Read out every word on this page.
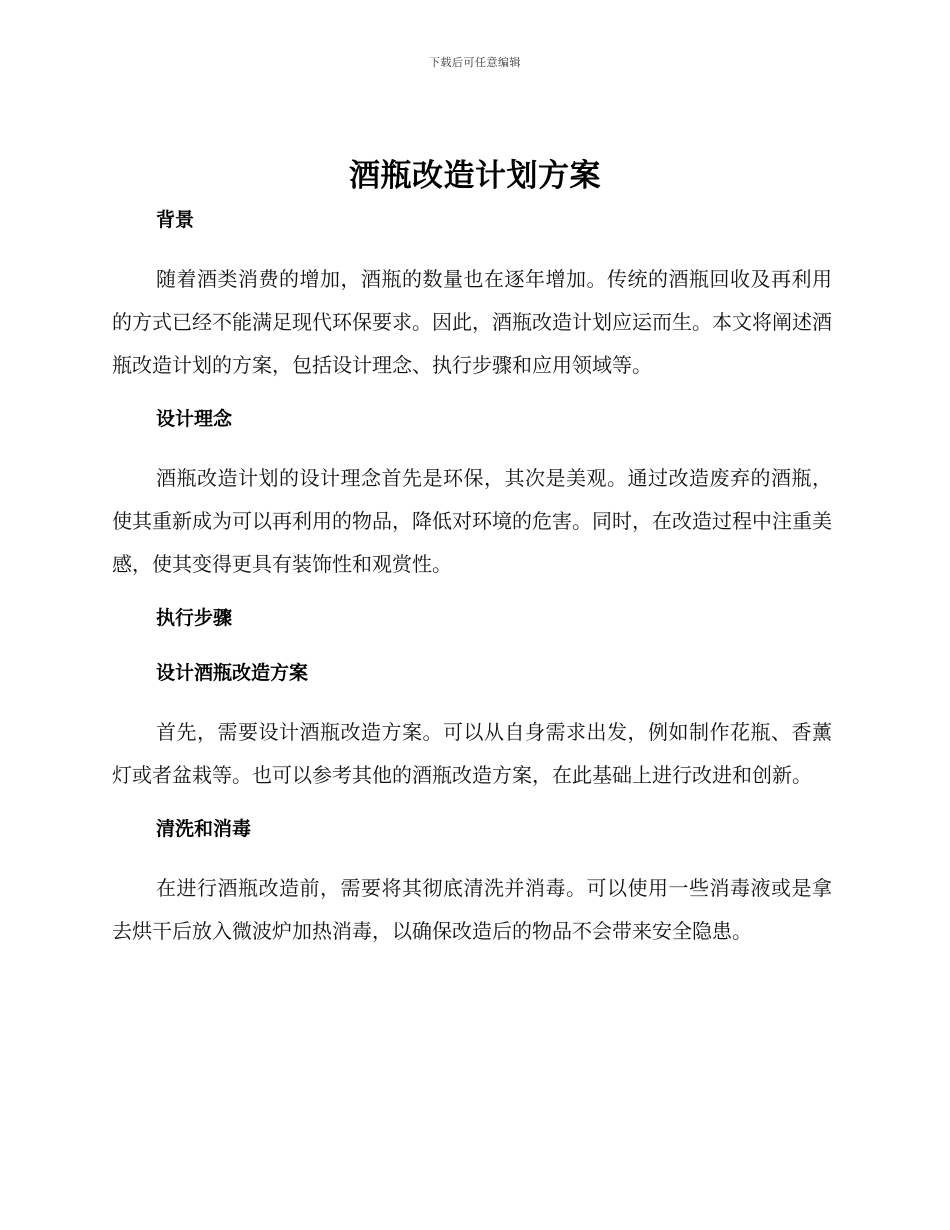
下载后可任意编辑
酒瓶改造计划方案
背景

随着酒类消费的增加，酒瓶的数量也在逐年增加。传统的酒瓶回收及再利用的方式已经不能满足现代环保要求。因此，酒瓶改造计划应运而生。本文将阐述酒瓶改造计划的方案，包括设计理念、执行步骤和应用领域等。

设计理念

酒瓶改造计划的设计理念首先是环保，其次是美观。通过改造废弃的酒瓶，使其重新成为可以再利用的物品，降低对环境的危害。同时，在改造过程中注重美感，使其变得更具有装饰性和观赏性。

执行步骤
设计酒瓶改造方案

首先，需要设计酒瓶改造方案。可以从自身需求出发，例如制作花瓶、香薰灯或者盆栽等。也可以参考其他的酒瓶改造方案，在此基础上进行改进和创新。

清洗和消毒

在进行酒瓶改造前，需要将其彻底清洗并消毒。可以使用一些消毒液或是拿去烘干后放入微波炉加热消毒，以确保改造后的物品不会带来安全隐患。
